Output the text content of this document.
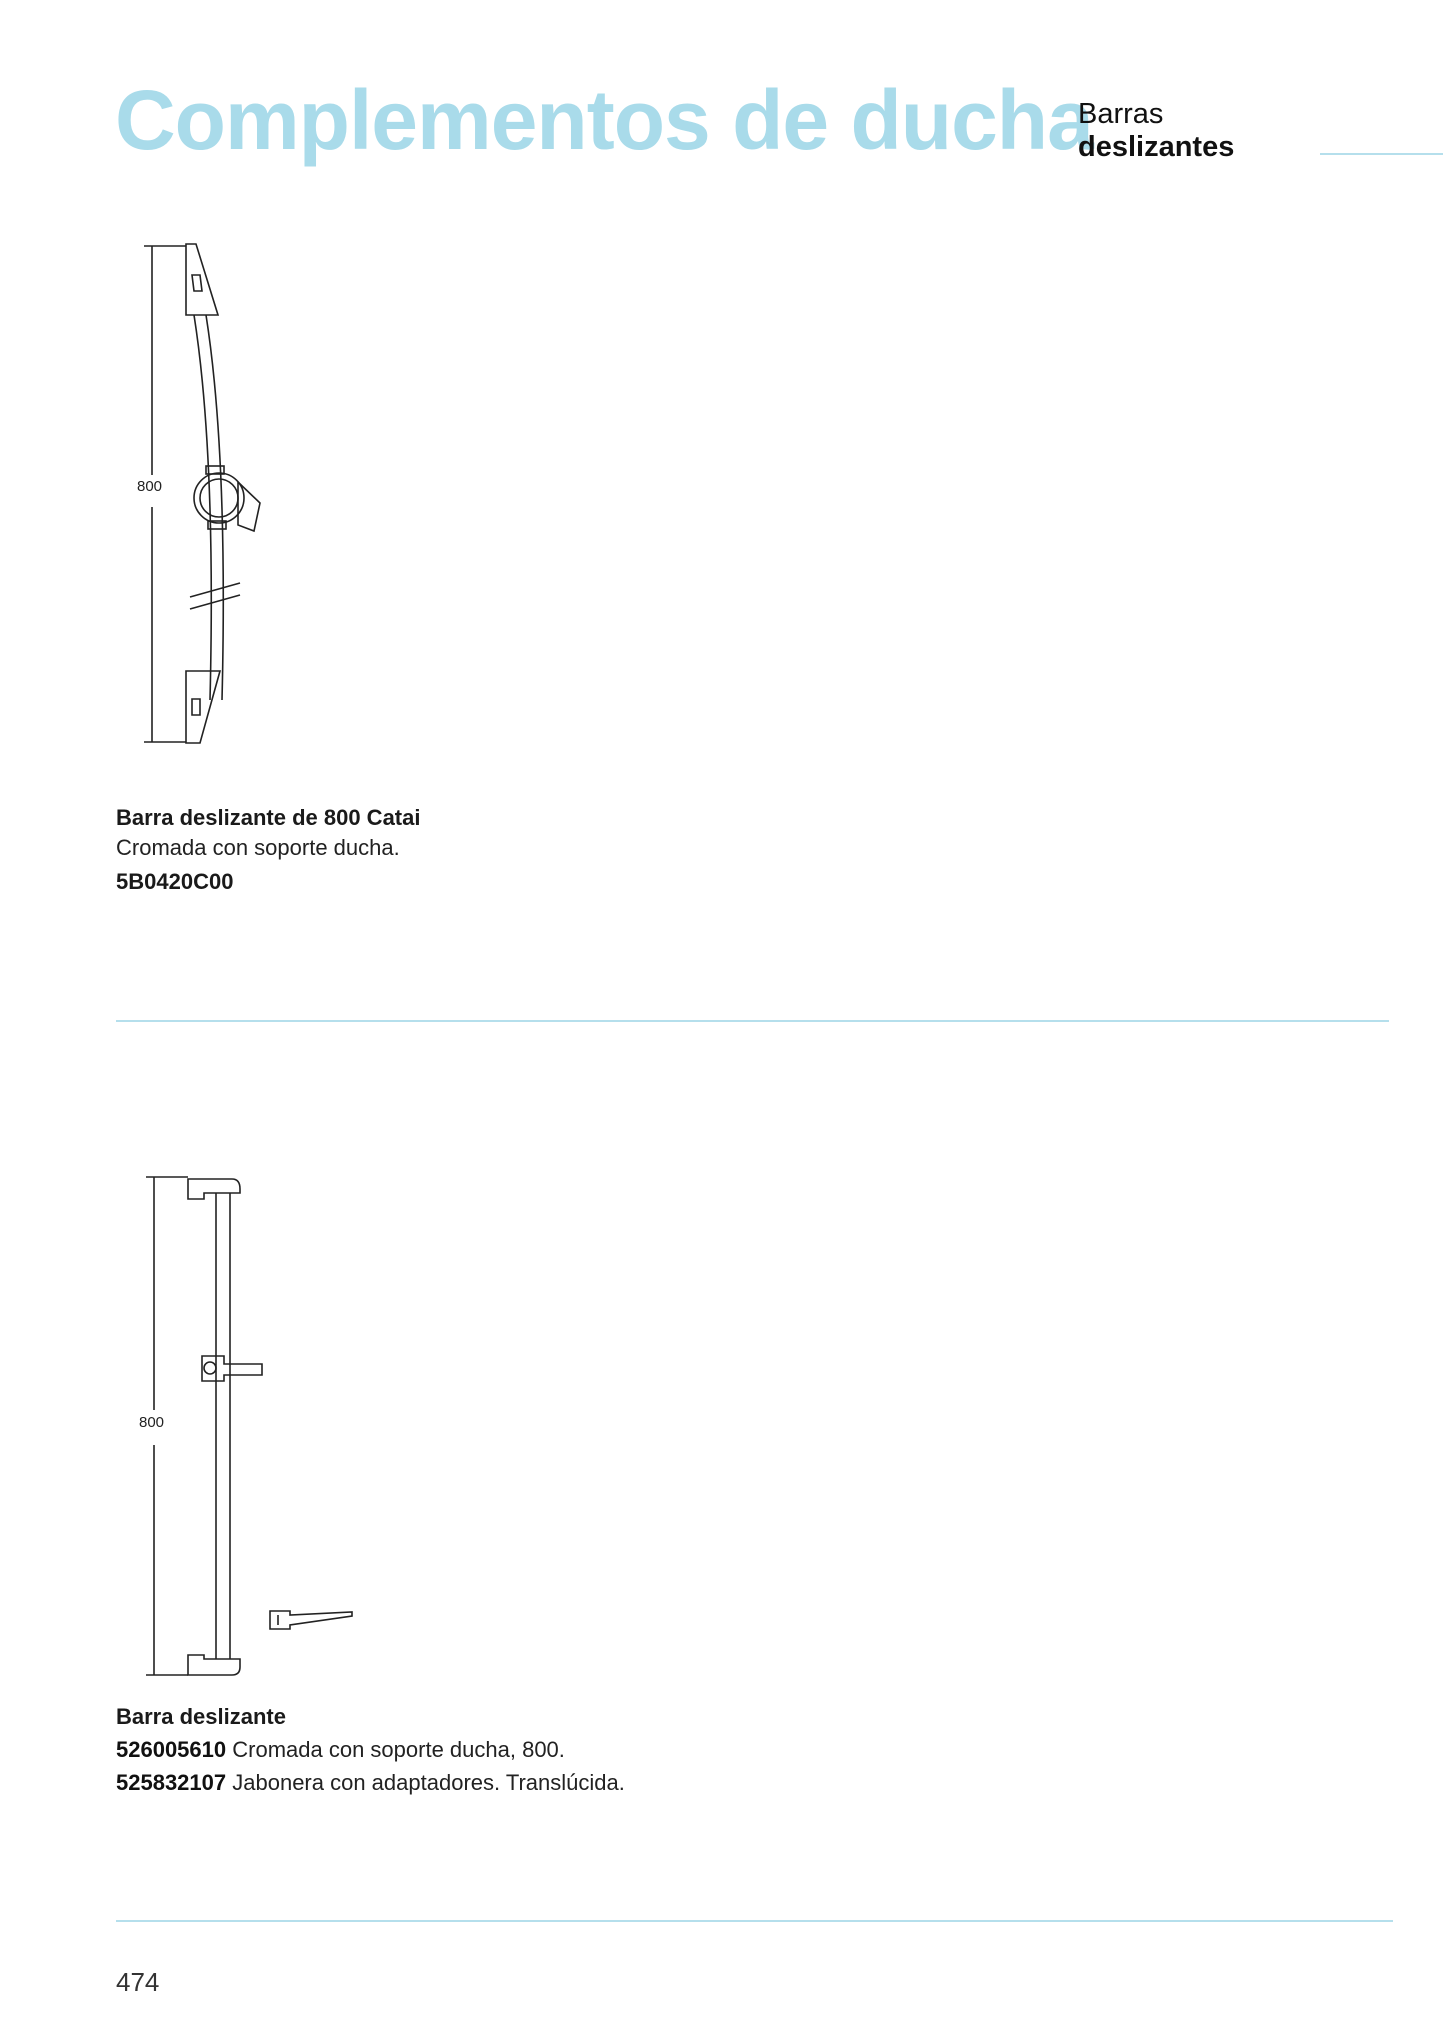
Complementos de ducha
Barras
deslizantes
800
Barra deslizante de 800 Catai
Cromada con soporte ducha.
5B0420C00
800
Barra deslizante
526005610 Cromada con soporte ducha, 800.
525832107 Jabonera con adaptadores. Translúcida.
474
